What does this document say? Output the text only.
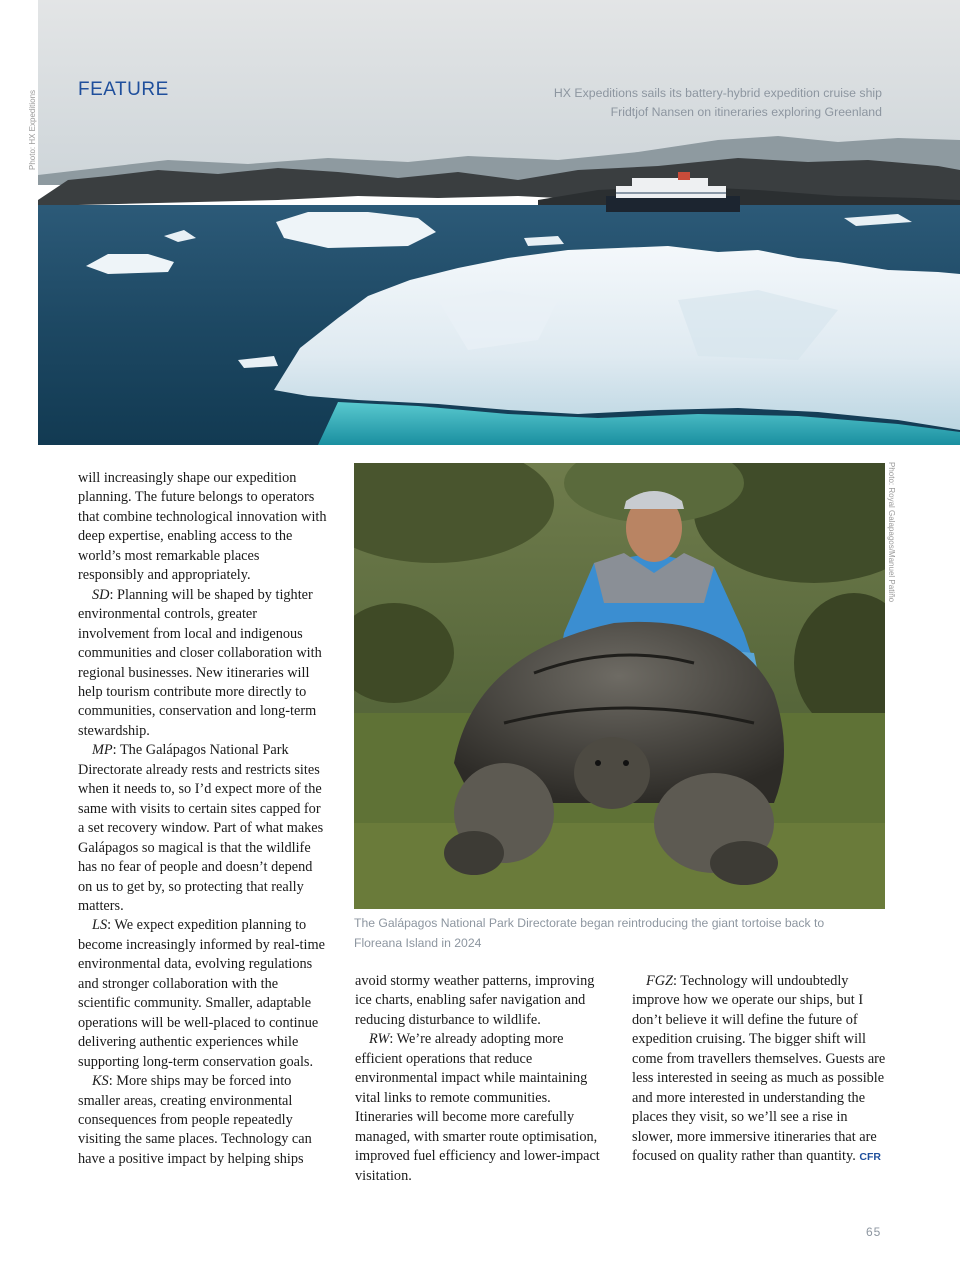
FEATURE	HX Expeditions sails its battery-hybrid expedition cruise ship
Fridtjof Nansen on itineraries exploring Greenland
Photo: HX Expeditions
Photo: Royal Galapagos/Manuel Patiño
The Galápagos National Park Directorate began reintroducing the giant tortoise back to
Floreana Island in 2024

will increasingly shape our expedition planning. The future belongs to operators that combine technological innovation with deep expertise, enabling access to the world’s most remarkable places responsibly and appropriately.

SD: Planning will be shaped by tighter environmental controls, greater involvement from local and indigenous communities and closer collaboration with regional businesses. New itineraries will help tourism contribute more directly to communities, conservation and long-term stewardship.

MP: The Galápagos National Park Directorate already rests and restricts sites when it needs to, so I’d expect more of the same with visits to certain sites capped for a set recovery window. Part of what makes Galápagos so magical is that the wildlife has no fear of people and doesn’t depend on us to get by, so protecting that really matters.

LS: We expect expedition planning to become increasingly informed by real-time environmental data, evolving regulations and stronger collaboration with the scientific community. Smaller, adaptable operations will be well-placed to continue delivering authentic experiences while supporting long-term conservation goals.

KS: More ships may be forced into smaller areas, creating environmental consequences from people repeatedly visiting the same places. Technology can have a positive impact by helping ships

avoid stormy weather patterns, improving ice charts, enabling safer navigation and reducing disturbance to wildlife.

RW: We’re already adopting more efficient operations that reduce environmental impact while maintaining vital links to remote communities. Itineraries will become more carefully managed, with smarter route optimisation, improved fuel efficiency and lower-impact visitation.

FGZ: Technology will undoubtedly improve how we operate our ships, but I don’t believe it will define the future of expedition cruising. The bigger shift will come from travellers themselves. Guests are less interested in seeing as much as possible and more interested in understanding the places they visit, so we’ll see a rise in slower, more immersive itineraries that are focused on quality rather than quantity. CFR

65
